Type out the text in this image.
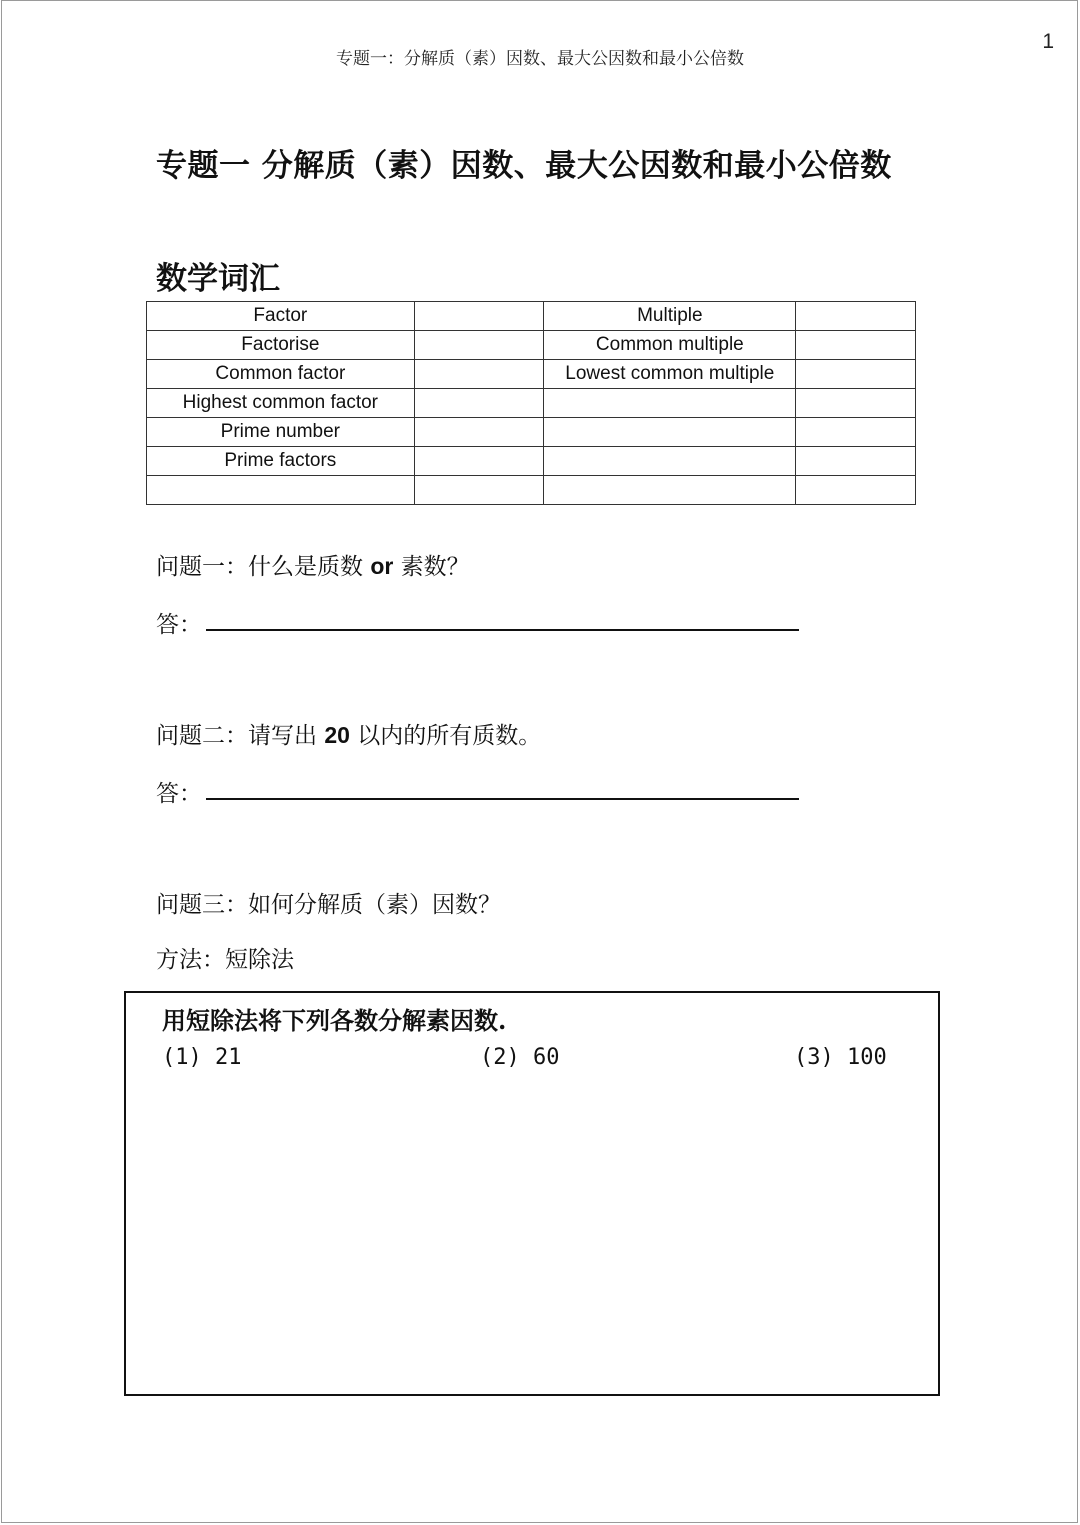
专题一：分解质（素）因数、最大公因数和最小公倍数
1
专题一 分解质（素）因数、最大公因数和最小公倍数
数学词汇
Factor		Multiple	
Factorise		Common multiple	
Common factor		Lowest common multiple	
Highest common factor			
Prime number			
Prime factors			

问题一：什么是质数 or 素数？
答：
问题二：请写出 20 以内的所有质数。
答：
问题三：如何分解质（素）因数？
方法：短除法
用短除法将下列各数分解素因数.
(1) 21	(2) 60	(3) 100
